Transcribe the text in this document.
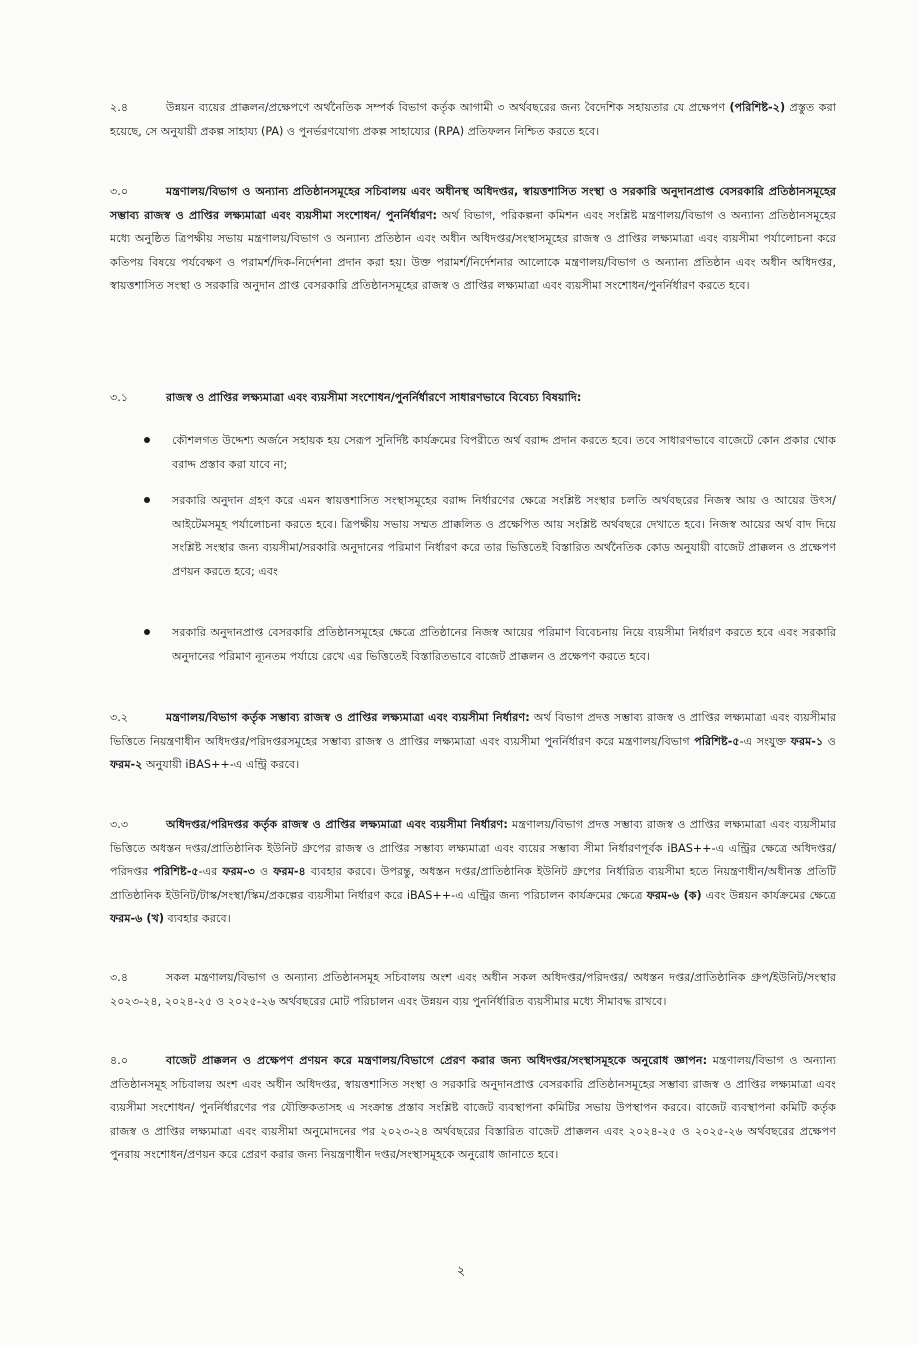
২.৪	উন্নয়ন ব্যয়ের প্রাক্কলন/প্রক্ষেপণে অর্থনৈতিক সম্পর্ক বিভাগ কর্তৃক আগামী ৩ অর্থবছরের জন্য বৈদেশিক সহায়তার যে প্রক্ষেপণ (পরিশিষ্ট-২) প্রস্তুত করা হয়েছে, সে অনুযায়ী প্রকল্প সাহায্য (PA) ও পুনর্ভরণযোগ্য প্রকল্প সাহায্যের (RPA) প্রতিফলন নিশ্চিত করতে হবে।

৩.০	মন্ত্রণালয়/বিভাগ ও অন্যান্য প্রতিষ্ঠানসমূহের সচিবালয় এবং অধীনস্থ অধিদপ্তর, স্বায়ত্তশাসিত সংস্থা ও সরকারি অনুদানপ্রাপ্ত বেসরকারি প্রতিষ্ঠানসমূহের সম্ভাব্য রাজস্ব ও প্রাপ্তির লক্ষ্যমাত্রা এবং ব্যয়সীমা সংশোধন/ পুনর্নির্ধারণ: অর্থ বিভাগ, পরিকল্পনা কমিশন এবং সংশ্লিষ্ট মন্ত্রণালয়/বিভাগ ও অন্যান্য প্রতিষ্ঠানসমূহের মধ্যে অনুষ্ঠিত ত্রিপক্ষীয় সভায় মন্ত্রণালয়/বিভাগ ও অন্যান্য প্রতিষ্ঠান এবং অধীন অধিদপ্তর/সংস্থাসমূহের রাজস্ব ও প্রাপ্তির লক্ষ্যমাত্রা এবং ব্যয়সীমা পর্যালোচনা করে কতিপয় বিষয়ে পর্যবেক্ষণ ও পরামর্শ/দিক-নির্দেশনা প্রদান করা হয়। উক্ত পরামর্শ/নির্দেশনার আলোকে মন্ত্রণালয়/বিভাগ ও অন্যান্য প্রতিষ্ঠান এবং অধীন অধিদপ্তর, স্বায়ত্তশাসিত সংস্থা ও সরকারি অনুদান প্রাপ্ত বেসরকারি প্রতিষ্ঠানসমূহের রাজস্ব ও প্রাপ্তির লক্ষ্যমাত্রা এবং ব্যয়সীমা সংশোধন/পুনর্নির্ধারণ করতে হবে।

৩.১	রাজস্ব ও প্রাপ্তির লক্ষ্যমাত্রা এবং ব্যয়সীমা সংশোধন/পুনর্নির্ধারণে সাধারণভাবে বিবেচ্য বিষয়াদি:

কৌশলগত উদ্দেশ্য অর্জনে সহায়ক হয় সেরূপ সুনির্দিষ্ট কার্যক্রমের বিপরীতে অর্থ বরাদ্দ প্রদান করতে হবে। তবে সাধারণভাবে বাজেটে কোন প্রকার থোক বরাদ্দ প্রস্তাব করা যাবে না;

সরকারি অনুদান গ্রহণ করে এমন স্বায়ত্তশাসিত সংস্থাসমূহের বরাদ্দ নির্ধারণের ক্ষেত্রে সংশ্লিষ্ট সংস্থার চলতি অর্থবছরের নিজস্ব আয় ও আয়ের উৎস/আইটেমসমূহ পর্যালোচনা করতে হবে। ত্রিপক্ষীয় সভায় সম্মত প্রাক্কলিত ও প্রক্ষেপিত আয় সংশ্লিষ্ট অর্থবছরে দেখাতে হবে। নিজস্ব আয়ের অর্থ বাদ দিয়ে সংশ্লিষ্ট সংস্থার জন্য ব্যয়সীমা/সরকারি অনুদানের পরিমাণ নির্ধারণ করে তার ভিত্তিতেই বিস্তারিত অর্থনৈতিক কোড অনুযায়ী বাজেট প্রাক্কলন ও প্রক্ষেপণ প্রণয়ন করতে হবে; এবং

সরকারি অনুদানপ্রাপ্ত বেসরকারি প্রতিষ্ঠানসমূহের ক্ষেত্রে প্রতিষ্ঠানের নিজস্ব আয়ের পরিমাণ বিবেচনায় নিয়ে ব্যয়সীমা নির্ধারণ করতে হবে এবং সরকারি অনুদানের পরিমাণ ন্যূনতম পর্যায়ে রেখে এর ভিত্তিতেই বিস্তারিতভাবে বাজেট প্রাক্কলন ও প্রক্ষেপণ করতে হবে।

৩.২	মন্ত্রণালয়/বিভাগ কর্তৃক সম্ভাব্য রাজস্ব ও প্রাপ্তির লক্ষ্যমাত্রা এবং ব্যয়সীমা নির্ধারণ: অর্থ বিভাগ প্রদত্ত সম্ভাব্য রাজস্ব ও প্রাপ্তির লক্ষ্যমাত্রা এবং ব্যয়সীমার ভিত্তিতে নিয়ন্ত্রণাধীন অধিদপ্তর/পরিদপ্তরসমূহের সম্ভাব্য রাজস্ব ও প্রাপ্তির লক্ষ্যমাত্রা এবং ব্যয়সীমা পুনর্নির্ধারণ করে মন্ত্রণালয়/বিভাগ পরিশিষ্ট-৫-এ সংযুক্ত ফরম-১ ও ফরম-২ অনুযায়ী iBAS++-এ এন্ট্রি করবে।

৩.৩	অধিদপ্তর/পরিদপ্তর কর্তৃক রাজস্ব ও প্রাপ্তির লক্ষ্যমাত্রা এবং ব্যয়সীমা নির্ধারণ: মন্ত্রণালয়/বিভাগ প্রদত্ত সম্ভাব্য রাজস্ব ও প্রাপ্তির লক্ষ্যমাত্রা এবং ব্যয়সীমার ভিত্তিতে অধস্তন দপ্তর/প্রাতিষ্ঠানিক ইউনিট গ্রুপের রাজস্ব ও প্রাপ্তির সম্ভাব্য লক্ষ্যমাত্রা এবং ব্যয়ের সম্ভাব্য সীমা নির্ধারণপূর্বক iBAS++-এ এন্ট্রির ক্ষেত্রে অধিদপ্তর/পরিদপ্তর পরিশিষ্ট-৫-এর ফরম-৩ ও ফরম-৪ ব্যবহার করবে। উপরন্তু, অধস্তন দপ্তর/প্রাতিষ্ঠানিক ইউনিট গ্রুপের নির্ধারিত ব্যয়সীমা হতে নিয়ন্ত্রণাধীন/অধীনস্ত প্রতিটি প্রাতিষ্ঠানিক ইউনিট/টাস্ক/সংস্থা/স্কিম/প্রকল্পের ব্যয়সীমা নির্ধারণ করে iBAS++-এ এন্ট্রির জন্য পরিচালন কার্যক্রমের ক্ষেত্রে ফরম-৬ (ক) এবং উন্নয়ন কার্যক্রমের ক্ষেত্রে ফরম-৬ (খ) ব্যবহার করবে।

৩.৪	সকল মন্ত্রণালয়/বিভাগ ও অন্যান্য প্রতিষ্ঠানসমূহ সচিবালয় অংশ এবং অধীন সকল অধিদপ্তর/পরিদপ্তর/ অধস্তন দপ্তর/প্রাতিষ্ঠানিক গ্রুপ/ইউনিট/সংস্থার ২০২৩-২৪, ২০২৪-২৫ ও ২০২৫-২৬ অর্থবছরের মোট পরিচালন এবং উন্নয়ন ব্যয় পুনর্নির্ধারিত ব্যয়সীমার মধ্যে সীমাবদ্ধ রাখবে।

৪.০	বাজেট প্রাক্কলন ও প্রক্ষেপণ প্রণয়ন করে মন্ত্রণালয়/বিভাগে প্রেরণ করার জন্য অধিদপ্তর/সংস্থাসমূহকে অনুরোধ জ্ঞাপন: মন্ত্রণালয়/বিভাগ ও অন্যান্য প্রতিষ্ঠানসমূহ সচিবালয় অংশ এবং অধীন অধিদপ্তর, স্বায়ত্তশাসিত সংস্থা ও সরকারি অনুদানপ্রাপ্ত বেসরকারি প্রতিষ্ঠানসমূহের সম্ভাব্য রাজস্ব ও প্রাপ্তির লক্ষ্যমাত্রা এবং ব্যয়সীমা সংশোধন/ পুনর্নির্ধারণের পর যৌক্তিকতাসহ এ সংক্রান্ত প্রস্তাব সংশ্লিষ্ট বাজেট ব্যবস্থাপনা কমিটির সভায় উপস্থাপন করবে। বাজেট ব্যবস্থাপনা কমিটি কর্তৃক রাজস্ব ও প্রাপ্তির লক্ষ্যমাত্রা এবং ব্যয়সীমা অনুমোদনের পর ২০২৩-২৪ অর্থবছরের বিস্তারিত বাজেট প্রাক্কলন এবং ২০২৪-২৫ ও ২০২৫-২৬ অর্থবছরের প্রক্ষেপণ পুনরায় সংশোধন/প্রণয়ন করে প্রেরণ করার জন্য নিয়ন্ত্রণাধীন দপ্তর/সংস্থাসমূহকে অনুরোধ জানাতে হবে।

২
